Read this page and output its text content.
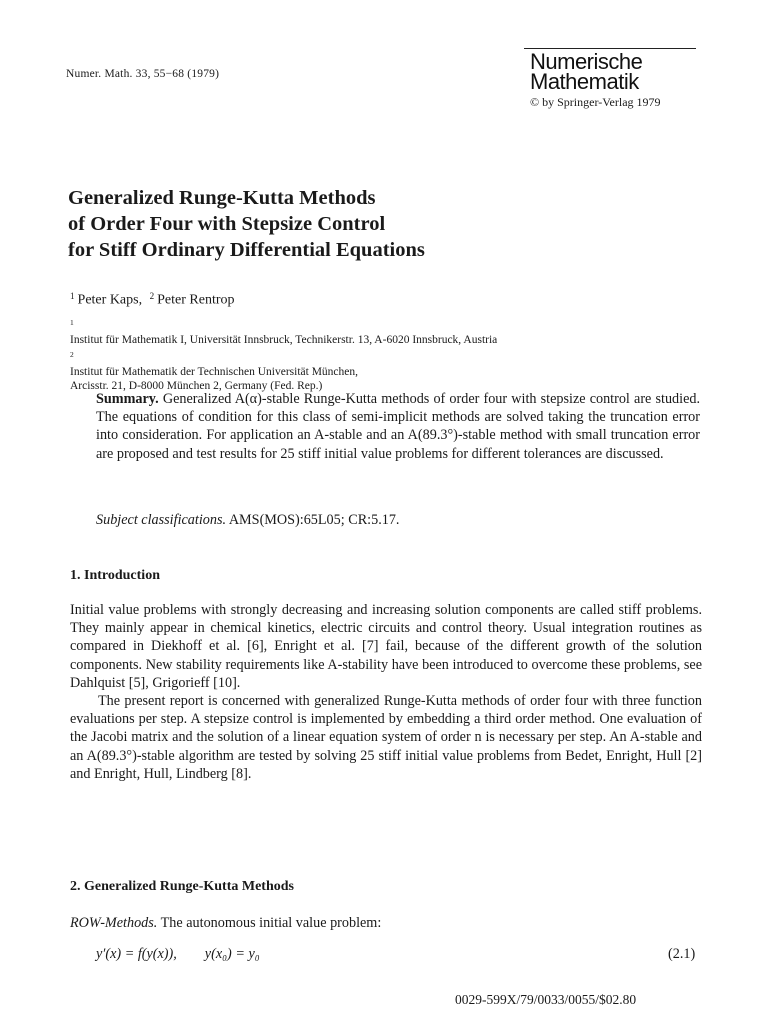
Numer. Math. 33, 55−68 (1979)	Numerische
Mathematik
© by Springer-Verlag 1979
Generalized Runge-Kutta Methods
of Order Four with Stepsize Control
for Stiff Ordinary Differential Equations
$^1$ Peter Kaps, $^2$ Peter Rentrop
$^1$
Institut für Mathematik I, Universität Innsbruck, Technikerstr. 13, A-6020 Innsbruck, Austria
$^2$
Institut für Mathematik der Technischen Universität München,
Arcisstr. 21, D-8000 München 2, Germany (Fed. Rep.)
Summary. Generalized A(α)-stable Runge-Kutta methods of order four with stepsize control are studied. The equations of condition for this class of semi-implicit methods are solved taking the truncation error into consideration. For application an A-stable and an A(89.3°)-stable method with small truncation error are proposed and test results for 25 stiff initial value problems for different tolerances are discussed.
Subject classifications. AMS(MOS):65L05; CR:5.17.
1. Introduction

Initial value problems with strongly decreasing and increasing solution components are called stiff problems. They mainly appear in chemical kinetics, electric circuits and control theory. Usual integration routines as compared in Diekhoff et al. [6], Enright et al. [7] fail, because of the different growth of the solution components. New stability requirements like A-stability have been introduced to overcome these problems, see Dahlquist [5], Grigorieff [10].

The present report is concerned with generalized Runge-Kutta methods of order four with three function evaluations per step. A stepsize control is implemented by embedding a third order method. One evaluation of the Jacobi matrix and the solution of a linear equation system of order n is necessary per step. An A-stable and an A(89.3°)-stable algorithm are tested by solving 25 stiff initial value problems from Bedet, Enright, Hull [2] and Enright, Hull, Lindberg [8].

2. Generalized Runge-Kutta Methods
ROW-Methods. The autonomous initial value problem:
y′(x) = f(y(x)), y(x₀) = y₀	(2.1)
0029-599X/79/0033/0055/$02.80
